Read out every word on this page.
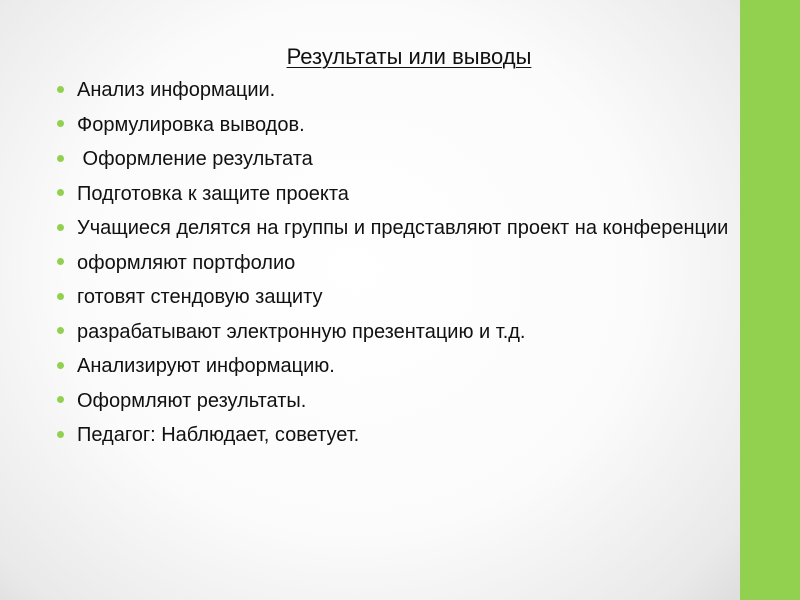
Результаты или выводы
Анализ информации.
Формулировка выводов.
Оформление результата
Подготовка к защите проекта
Учащиеся делятся на группы и представляют проект на конференции
оформляют портфолио
готовят стендовую защиту
разрабатывают электронную презентацию и т.д.
Анализируют информацию.
Оформляют результаты.
Педагог: Наблюдает, советует.
